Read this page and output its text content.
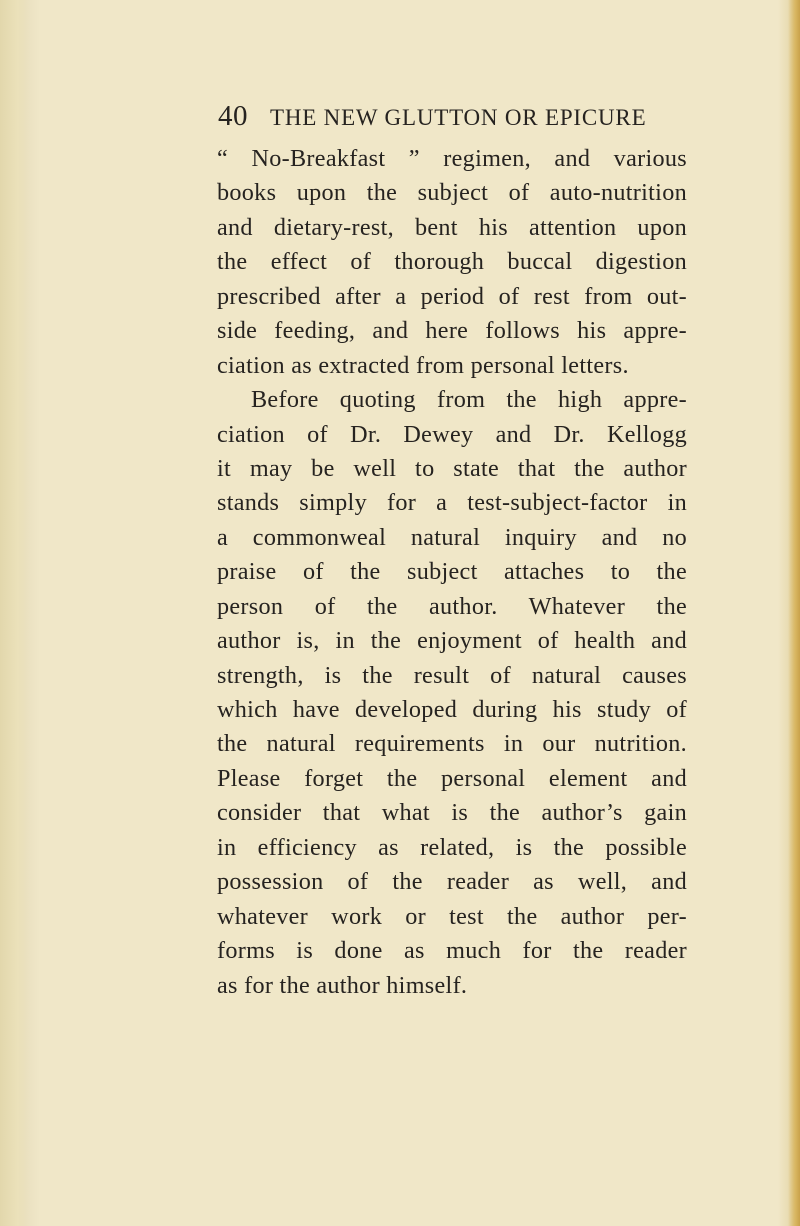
40 THE NEW GLUTTON OR EPICURE
“ No-Breakfast ” regimen, and various
books upon the subject of auto-nutrition
and dietary-rest, bent his attention upon
the effect of thorough buccal digestion
prescribed after a period of rest from out-
side feeding, and here follows his appre-
ciation as extracted from personal letters.
Before quoting from the high appre-
ciation of Dr. Dewey and Dr. Kellogg
it may be well to state that the author
stands simply for a test-subject-factor in
a commonweal natural inquiry and no
praise of the subject attaches to the
person of the author. Whatever the
author is, in the enjoyment of health and
strength, is the result of natural causes
which have developed during his study of
the natural requirements in our nutrition.
Please forget the personal element and
consider that what is the author’s gain
in efficiency as related, is the possible
possession of the reader as well, and
whatever work or test the author per-
forms is done as much for the reader
as for the author himself.
